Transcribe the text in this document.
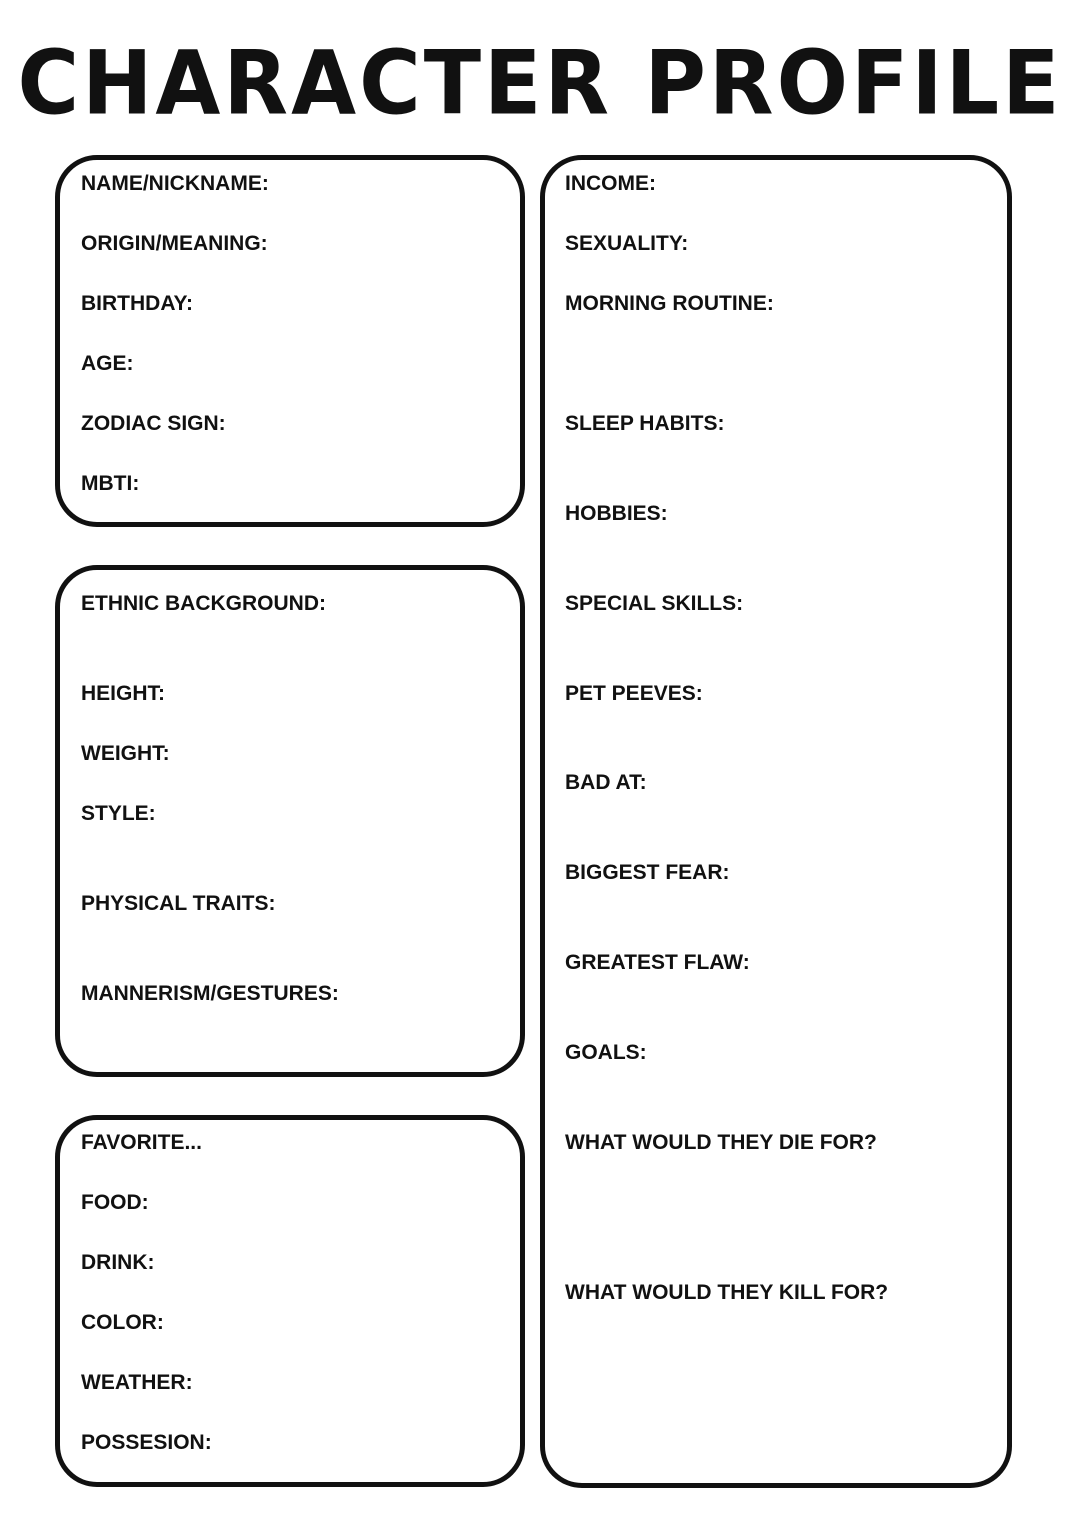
CHARACTER PROFILE
NAME/NICKNAME:
ORIGIN/MEANING:
BIRTHDAY:
AGE:
ZODIAC SIGN:
MBTI:
ETHNIC BACKGROUND:
HEIGHT:
WEIGHT:
STYLE:
PHYSICAL TRAITS:
MANNERISM/GESTURES:
FAVORITE...
FOOD:
DRINK:
COLOR:
WEATHER:
POSSESION:
INCOME:
SEXUALITY:
MORNING ROUTINE:
SLEEP HABITS:
HOBBIES:
SPECIAL SKILLS:
PET PEEVES:
BAD AT:
BIGGEST FEAR:
GREATEST FLAW:
GOALS:
WHAT WOULD THEY DIE FOR?
WHAT WOULD THEY KILL FOR?
